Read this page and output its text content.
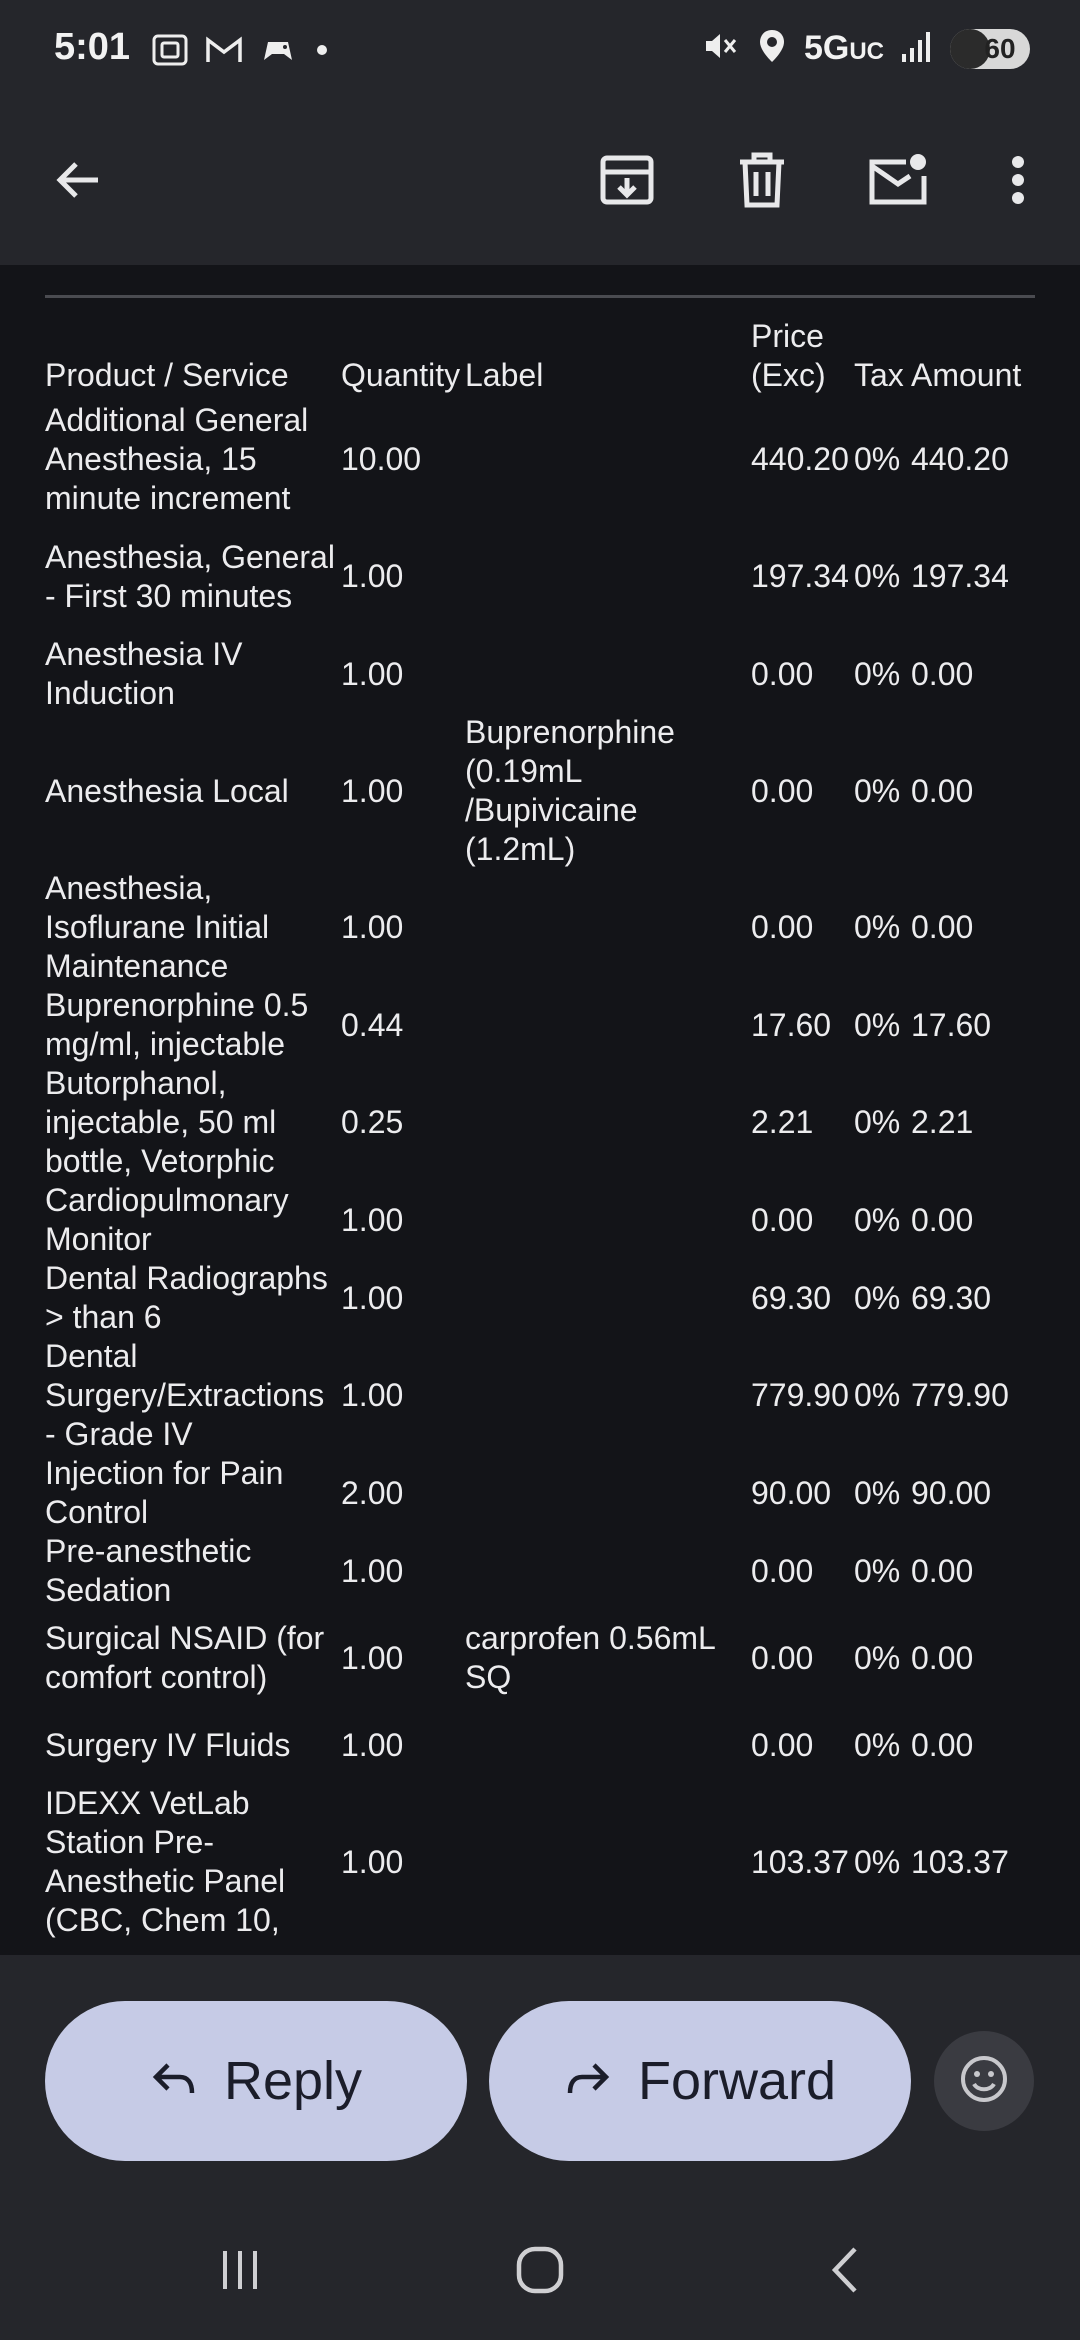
5:01	5GUC	60
Product / Service	Quantity	Label	Price (Exc)	Tax	Amount
Additional General Anesthesia, 15 minute increment	10.00		440.20	0%	440.20
Anesthesia, General - First 30 minutes	1.00		197.34	0%	197.34
Anesthesia IV Induction	1.00		0.00	0%	0.00
Anesthesia Local	1.00	Buprenorphine (0.19mL /Bupivicaine (1.2mL)	0.00	0%	0.00
Anesthesia, Isoflurane Initial Maintenance	1.00		0.00	0%	0.00
Buprenorphine 0.5 mg/ml, injectable	0.44		17.60	0%	17.60
Butorphanol, injectable, 50 ml bottle, Vetorphic	0.25		2.21	0%	2.21
Cardiopulmonary Monitor	1.00		0.00	0%	0.00
Dental Radiographs > than 6	1.00		69.30	0%	69.30
Dental Surgery/Extractions - Grade IV	1.00		779.90	0%	779.90
Injection for Pain Control	2.00		90.00	0%	90.00
Pre-anesthetic Sedation	1.00		0.00	0%	0.00
Surgical NSAID (for comfort control)	1.00	carprofen 0.56mL SQ	0.00	0%	0.00
Surgery IV Fluids	1.00		0.00	0%	0.00
IDEXX VetLab Station Pre-Anesthetic Panel (CBC, Chem 10,	1.00		103.37	0%	103.37
Reply	Forward
